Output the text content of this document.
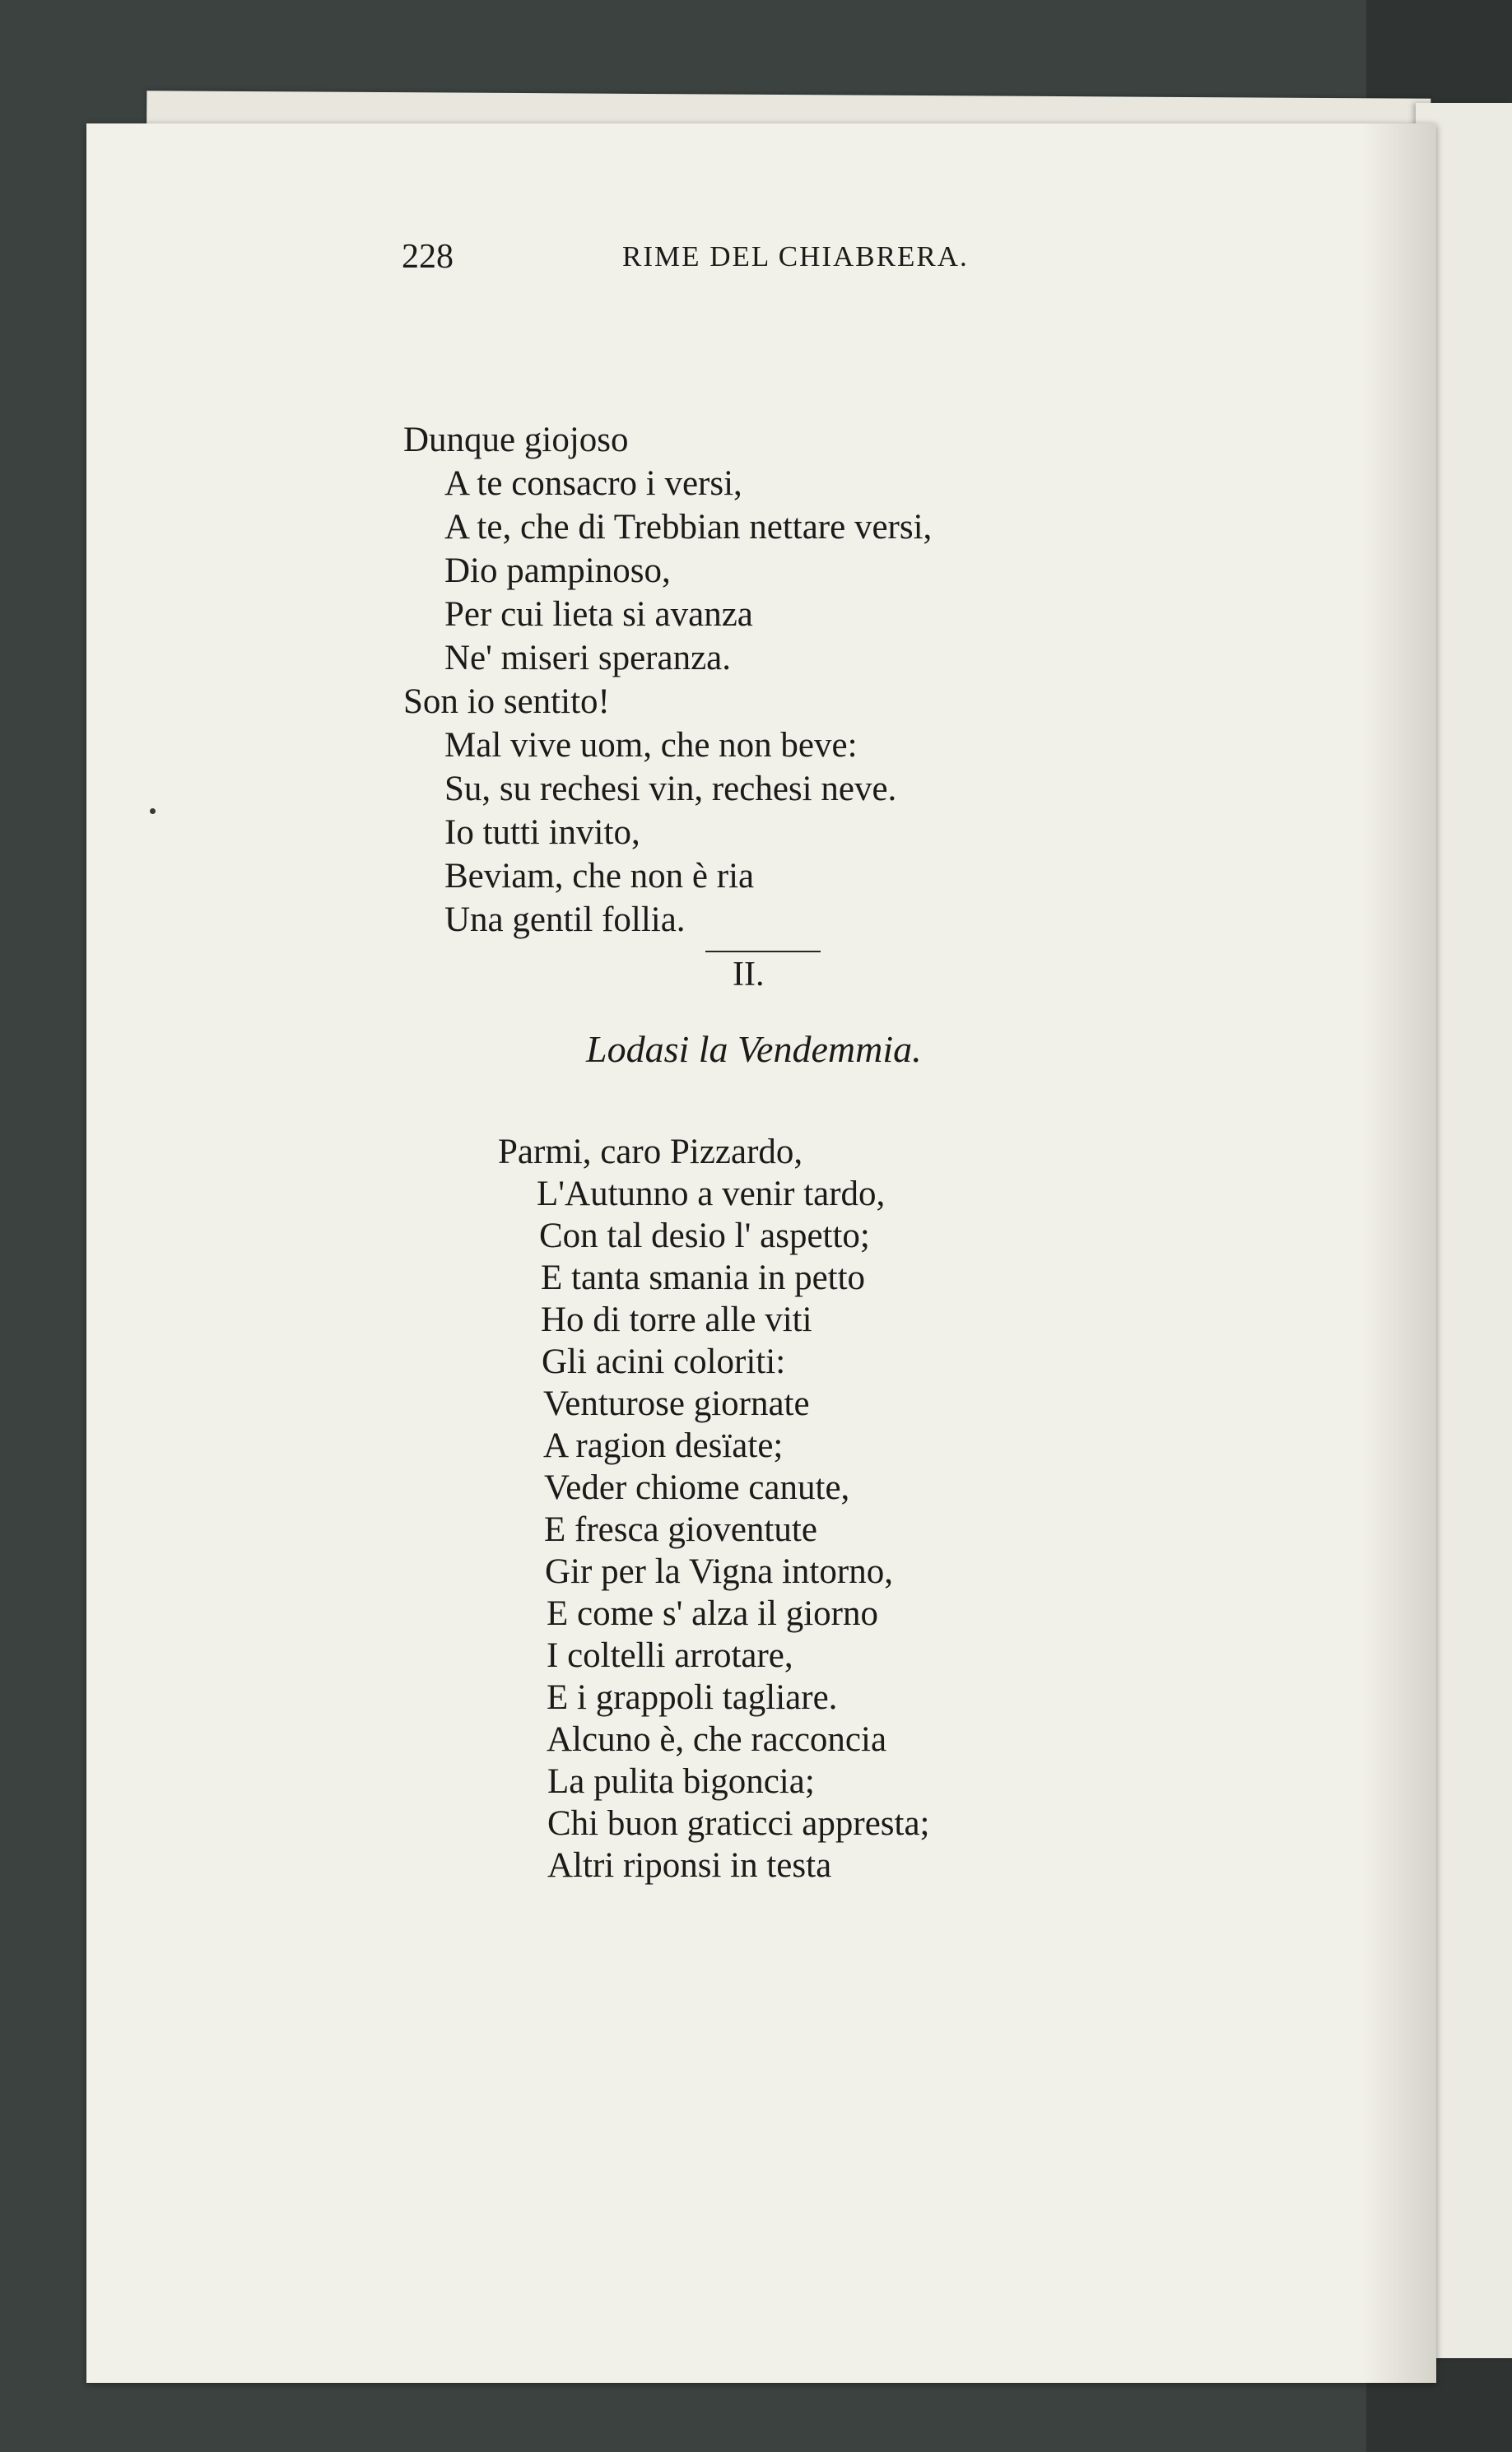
228	RIME DEL CHIABRERA.
Dunque giojoso
A te consacro i versi,
A te, che di Trebbian nettare versi,
Dio pampinoso,
Per cui lieta si avanza
Ne' miseri speranza.
Son io sentito!
Mal vive uom, che non beve:
Su, su rechesi vin, rechesi neve.
Io tutti invito,
Beviam, che non è ria
Una gentil follia.
II.
Lodasi la Vendemmia.
Parmi, caro Pizzardo,
L'Autunno a venir tardo,
Con tal desio l' aspetto;
E tanta smania in petto
Ho di torre alle viti
Gli acini coloriti:
Venturose giornate
A ragion desïate;
Veder chiome canute,
E fresca gioventute
Gir per la Vigna intorno,
E come s' alza il giorno
I coltelli arrotare,
E i grappoli tagliare.
Alcuno è, che racconcia
La pulita bigoncia;
Chi buon graticci appresta;
Altri riponsi in testa
